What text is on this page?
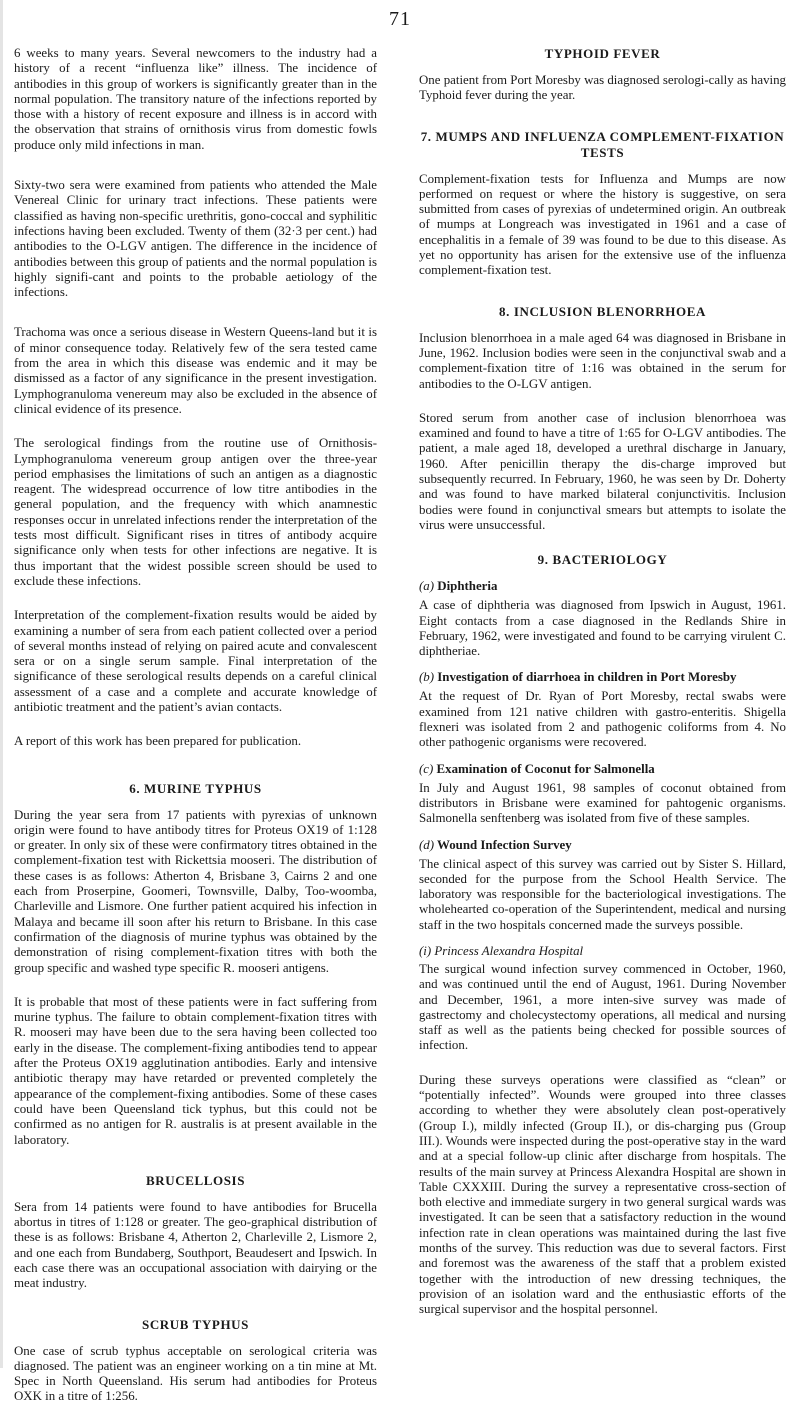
71

6 weeks to many years. Several newcomers to the industry had a history of a recent “influenza like” illness. The incidence of antibodies in this group of workers is significantly greater than in the normal population. The transitory nature of the infections reported by those with a history of recent exposure and illness is in accord with the observation that strains of ornithosis virus from domestic fowls produce only mild infections in man.

Sixty-two sera were examined from patients who attended the Male Venereal Clinic for urinary tract infections. These patients were classified as having non-specific urethritis, gono-coccal and syphilitic infections having been excluded. Twenty of them (32·3 per cent.) had antibodies to the O-LGV antigen. The difference in the incidence of antibodies between this group of patients and the normal population is highly signifi-cant and points to the probable aetiology of the infections.

Trachoma was once a serious disease in Western Queens-land but it is of minor consequence today. Relatively few of the sera tested came from the area in which this disease was endemic and it may be dismissed as a factor of any significance in the present investigation. Lymphogranuloma venereum may also be excluded in the absence of clinical evidence of its presence.

The serological findings from the routine use of Ornithosis-Lymphogranuloma venereum group antigen over the three-year period emphasises the limitations of such an antigen as a diagnostic reagent. The widespread occurrence of low titre antibodies in the general population, and the frequency with which anamnestic responses occur in unrelated infections render the interpretation of the tests most difficult. Significant rises in titres of antibody acquire significance only when tests for other infections are negative. It is thus important that the widest possible screen should be used to exclude these infections.

Interpretation of the complement-fixation results would be aided by examining a number of sera from each patient collected over a period of several months instead of relying on paired acute and convalescent sera or on a single serum sample. Final interpretation of the significance of these serological results depends on a careful clinical assessment of a case and a complete and accurate knowledge of antibiotic treatment and the patient’s avian contacts.

A report of this work has been prepared for publication.

6. MURINE TYPHUS

During the year sera from 17 patients with pyrexias of unknown origin were found to have antibody titres for Proteus OX19 of 1:128 or greater. In only six of these were confirmatory titres obtained in the complement-fixation test with Rickettsia mooseri. The distribution of these cases is as follows: Atherton 4, Brisbane 3, Cairns 2 and one each from Proserpine, Goomeri, Townsville, Dalby, Too-woomba, Charleville and Lismore. One further patient acquired his infection in Malaya and became ill soon after his return to Brisbane. In this case confirmation of the diagnosis of murine typhus was obtained by the demonstration of rising complement-fixation titres with both the group specific and washed type specific R. mooseri antigens.

It is probable that most of these patients were in fact suffering from murine typhus. The failure to obtain complement-fixation titres with R. mooseri may have been due to the sera having been collected too early in the disease. The complement-fixing antibodies tend to appear after the Proteus OX19 agglutination antibodies. Early and intensive antibiotic therapy may have retarded or prevented completely the appearance of the complement-fixing antibodies. Some of these cases could have been Queensland tick typhus, but this could not be confirmed as no antigen for R. australis is at present available in the laboratory.

BRUCELLOSIS

Sera from 14 patients were found to have antibodies for Brucella abortus in titres of 1:128 or greater. The geo-graphical distribution of these is as follows: Brisbane 4, Atherton 2, Charleville 2, Lismore 2, and one each from Bundaberg, Southport, Beaudesert and Ipswich. In each case there was an occupational association with dairying or the meat industry.

SCRUB TYPHUS

One case of scrub typhus acceptable on serological criteria was diagnosed. The patient was an engineer working on a tin mine at Mt. Spec in North Queensland. His serum had antibodies for Proteus OXK in a titre of 1:256.

TYPHOID FEVER

One patient from Port Moresby was diagnosed serologi-cally as having Typhoid fever during the year.

7. MUMPS AND INFLUENZA COMPLEMENT-FIXATION TESTS

Complement-fixation tests for Influenza and Mumps are now performed on request or where the history is suggestive, on sera submitted from cases of pyrexias of undetermined origin. An outbreak of mumps at Longreach was investigated in 1961 and a case of encephalitis in a female of 39 was found to be due to this disease. As yet no opportunity has arisen for the extensive use of the influenza complement-fixation test.

8. INCLUSION BLENORRHOEA

Inclusion blenorrhoea in a male aged 64 was diagnosed in Brisbane in June, 1962. Inclusion bodies were seen in the conjunctival swab and a complement-fixation titre of 1:16 was obtained in the serum for antibodies to the O-LGV antigen.

Stored serum from another case of inclusion blenorrhoea was examined and found to have a titre of 1:65 for O-LGV antibodies. The patient, a male aged 18, developed a urethral discharge in January, 1960. After penicillin therapy the dis-charge improved but subsequently recurred. In February, 1960, he was seen by Dr. Doherty and was found to have marked bilateral conjunctivitis. Inclusion bodies were found in conjunctival smears but attempts to isolate the virus were unsuccessful.

9. BACTERIOLOGY
(a) Diphtheria

A case of diphtheria was diagnosed from Ipswich in August, 1961. Eight contacts from a case diagnosed in the Redlands Shire in February, 1962, were investigated and found to be carrying virulent C. diphtheriae.

(b) Investigation of diarrhoea in children in Port Moresby

At the request of Dr. Ryan of Port Moresby, rectal swabs were examined from 121 native children with gastro-enteritis. Shigella flexneri was isolated from 2 and pathogenic coliforms from 4. No other pathogenic organisms were recovered.

(c) Examination of Coconut for Salmonella

In July and August 1961, 98 samples of coconut obtained from distributors in Brisbane were examined for pahtogenic organisms. Salmonella senftenberg was isolated from five of these samples.

(d) Wound Infection Survey

The clinical aspect of this survey was carried out by Sister S. Hillard, seconded for the purpose from the School Health Service. The laboratory was responsible for the bacteriological investigations. The wholehearted co-operation of the Superintendent, medical and nursing staff in the two hospitals concerned made the surveys possible.

(i) Princess Alexandra Hospital

The surgical wound infection survey commenced in October, 1960, and was continued until the end of August, 1961. During November and December, 1961, a more inten-sive survey was made of gastrectomy and cholecystectomy operations, all medical and nursing staff as well as the patients being checked for possible sources of infection.

During these surveys operations were classified as “clean” or “potentially infected”. Wounds were grouped into three classes according to whether they were absolutely clean post-operatively (Group I.), mildly infected (Group II.), or dis-charging pus (Group III.). Wounds were inspected during the post-operative stay in the ward and at a special follow-up clinic after discharge from hospitals. The results of the main survey at Princess Alexandra Hospital are shown in Table CXXXIII. During the survey a representative cross-section of both elective and immediate surgery in two general surgical wards was investigated. It can be seen that a satisfactory reduction in the wound infection rate in clean operations was maintained during the last five months of the survey. This reduction was due to several factors. First and foremost was the awareness of the staff that a problem existed together with the introduction of new dressing techniques, the provision of an isolation ward and the enthusiastic efforts of the surgical supervisor and the hospital personnel.
